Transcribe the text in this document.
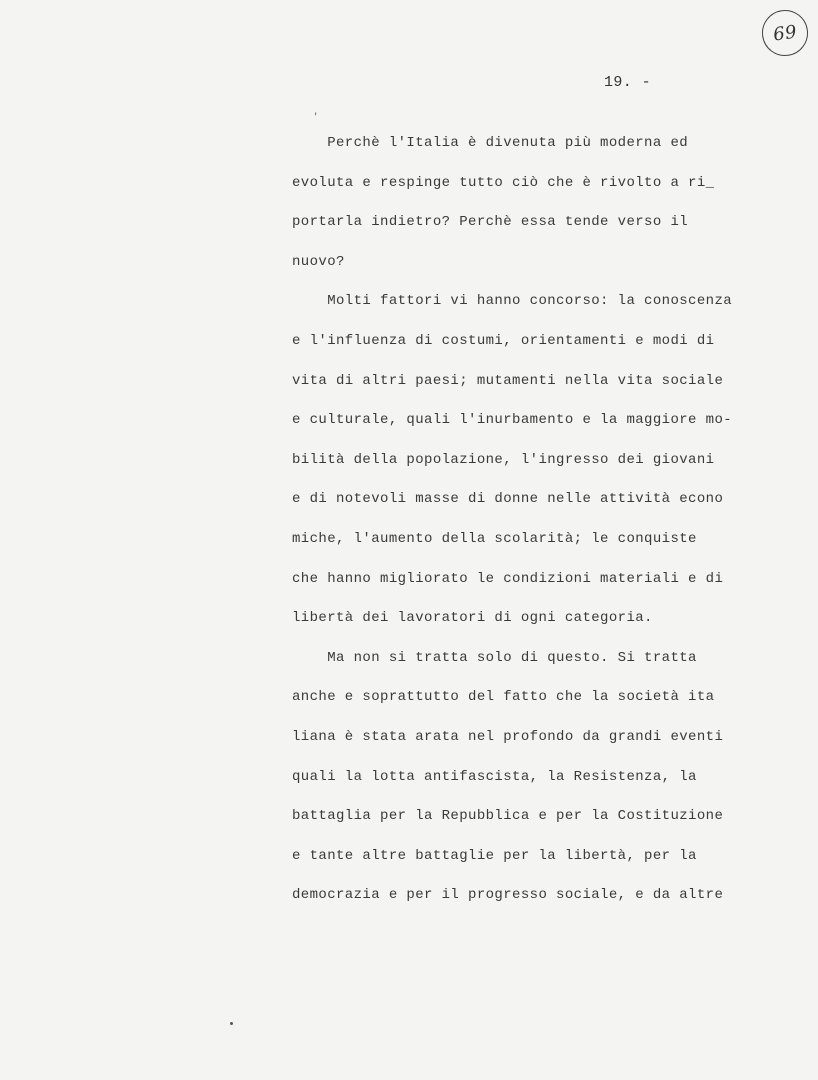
69
19. -
'
Perchè l'Italia è divenuta più moderna ed
evoluta e respinge tutto ciò che è rivolto a ri_
portarla indietro? Perchè essa tende verso il
nuovo?
Molti fattori vi hanno concorso: la conoscenza
e l'influenza di costumi, orientamenti e modi di
vita di altri paesi; mutamenti nella vita sociale
e culturale, quali l'inurbamento e la maggiore mo-
bilità della popolazione, l'ingresso dei giovani
e di notevoli masse di donne nelle attività econo
miche, l'aumento della scolarità; le conquiste
che hanno migliorato le condizioni materiali e di
libertà dei lavoratori di ogni categoria.
Ma non si tratta solo di questo. Si tratta
anche e soprattutto del fatto che la società ita
liana è stata arata nel profondo da grandi eventi
quali la lotta antifascista, la Resistenza, la
battaglia per la Repubblica e per la Costituzione
e tante altre battaglie per la libertà, per la
democrazia e per il progresso sociale, e da altre
